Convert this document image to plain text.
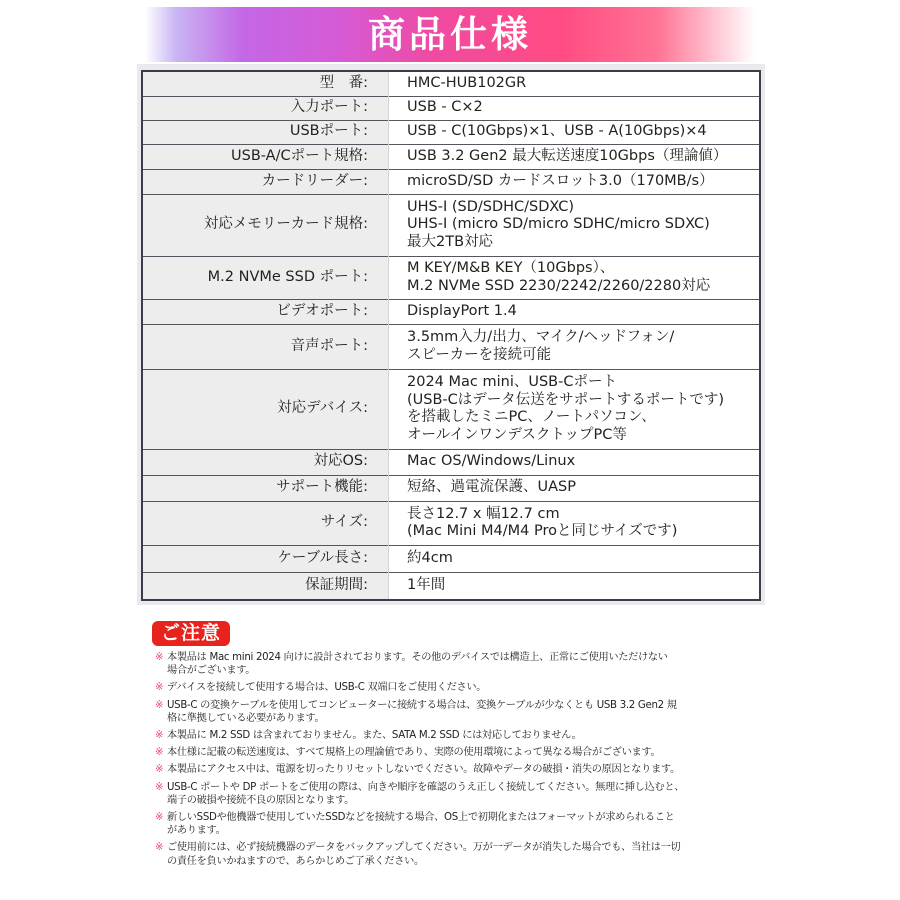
商品仕様
型　番:	HMC-HUB102GR

入力ポート:	USB - C×2

USBポート:	USB - C(10Gbps)×1、USB - A(10Gbps)×4

USB-A/Cポート規格:	USB 3.2 Gen2 最大転送速度10Gbps（理論値）

カードリーダー:	microSD/SD カードスロット3.0（170MB/s）

対応メモリーカード規格:	UHS-I (SD/SDHC/SDXC)
UHS-I (micro SD/micro SDHC/micro SDXC)
最大2TB対応

M.2 NVMe SSD ポート:	M KEY/M&B KEY（10Gbps）、
M.2 NVMe SSD 2230/2242/2260/2280対応

ビデオポート:	DisplayPort 1.4

音声ポート:	3.5mm入力/出力、マイク/ヘッドフォン/
スピーカーを接続可能

対応デバイス:	2024 Mac mini、USB-Cポート
(USB-Cはデータ伝送をサポートするポートです)
を搭載したミニPC、ノートパソコン、
オールインワンデスクトップPC等

対応OS:	Mac OS/Windows/Linux

サポート機能:	短絡、過電流保護、UASP

サイズ:	長さ12.7 x 幅12.7 cm
(Mac Mini M4/M4 Proと同じサイズです)

ケーブル長さ:	約4cm

保証期間:	1年間
ご注意
※ 本製品は Mac mini 2024 向けに設計されております。その他のデバイスでは構造上、正常にご使用いただけない
場合がございます。
※ デバイスを接続して使用する場合は、USB-C 双端口をご使用ください。
※ USB-C の変換ケーブルを使用してコンピューターに接続する場合は、変換ケーブルが少なくとも USB 3.2 Gen2 規
格に準拠している必要があります。
※ 本製品に M.2 SSD は含まれておりません。また、SATA M.2 SSD には対応しておりません。
※ 本仕様に記載の転送速度は、すべて規格上の理論値であり、実際の使用環境によって異なる場合がございます。
※ 本製品にアクセス中は、電源を切ったりリセットしないでください。故障やデータの破損・消失の原因となります。
※ USB-C ポートや DP ポートをご使用の際は、向きや順序を確認のうえ正しく接続してください。無理に挿し込むと、
端子の破損や接続不良の原因となります。
※ 新しいSSDや他機器で使用していたSSDなどを接続する場合、OS上で初期化またはフォーマットが求められること
があります。
※ ご使用前には、必ず接続機器のデータをバックアップしてください。万が一データが消失した場合でも、当社は一切
の責任を負いかねますので、あらかじめご了承ください。
